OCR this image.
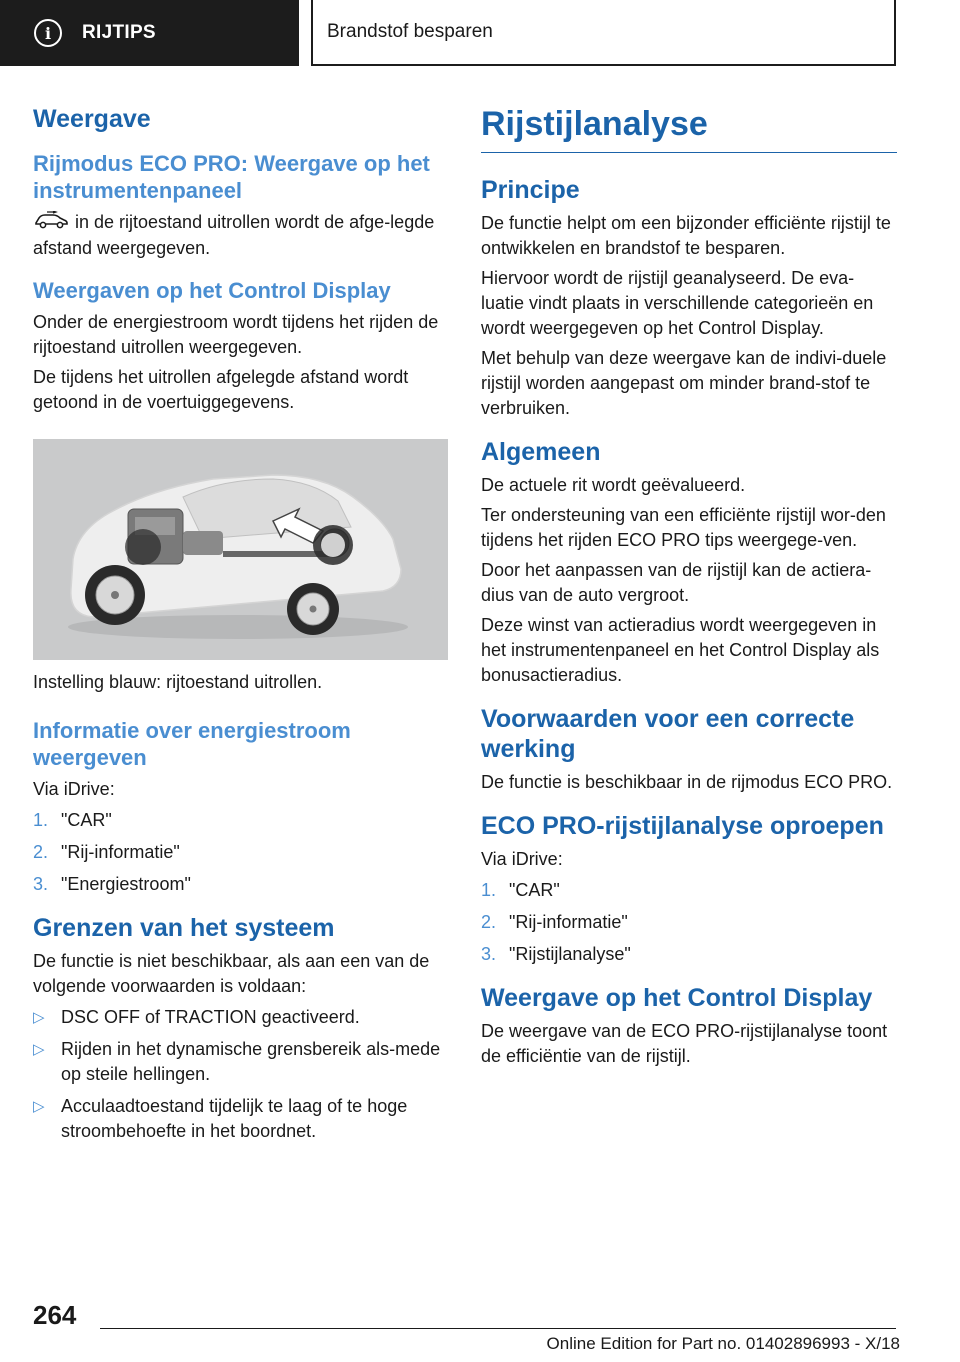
i	RIJTIPS	Brandstof besparen
Weergave
Rijmodus ECO PRO: Weergave op het instrumentenpaneel

in de rijtoestand uitrollen wordt de afge-legde afstand weergegeven.

Weergaven op het Control Display

Onder de energiestroom wordt tijdens het rijden de rijtoestand uitrollen weergegeven.

De tijdens het uitrollen afgelegde afstand wordt getoond in de voertuiggegevens.

Instelling blauw: rijtoestand uitrollen.

Informatie over energiestroom weergeven

Via iDrive:

1. "CAR"
2. "Rij-informatie"
3. "Energiestroom"
Grenzen van het systeem

De functie is niet beschikbaar, als aan een van de volgende voorwaarden is voldaan:

▷ DSC OFF of TRACTION geactiveerd.
▷ Rijden in het dynamische grensbereik als-mede op steile hellingen.
▷ Acculaadtoestand tijdelijk te laag of te hoge stroombehoefte in het boordnet.
Rijstijlanalyse
Principe

De functie helpt om een bijzonder efficiënte rijstijl te ontwikkelen en brandstof te besparen.

Hiervoor wordt de rijstijl geanalyseerd. De eva-luatie vindt plaats in verschillende categorieën en wordt weergegeven op het Control Display.

Met behulp van deze weergave kan de indivi-duele rijstijl worden aangepast om minder brand-stof te verbruiken.

Algemeen

De actuele rit wordt geëvalueerd.

Ter ondersteuning van een efficiënte rijstijl wor-den tijdens het rijden ECO PRO tips weergege-ven.

Door het aanpassen van de rijstijl kan de actiera-dius van de auto vergroot.

Deze winst van actieradius wordt weergegeven in het instrumentenpaneel en het Control Display als bonusactieradius.

Voorwaarden voor een correcte werking

De functie is beschikbaar in de rijmodus ECO PRO.

ECO PRO-rijstijlanalyse oproepen

Via iDrive:

1. "CAR"
2. "Rij-informatie"
3. "Rijstijlanalyse"
Weergave op het Control Display

De weergave van de ECO PRO-rijstijlanalyse toont de efficiëntie van de rijstijl.

264
Online Edition for Part no. 01402896993 - X/18
